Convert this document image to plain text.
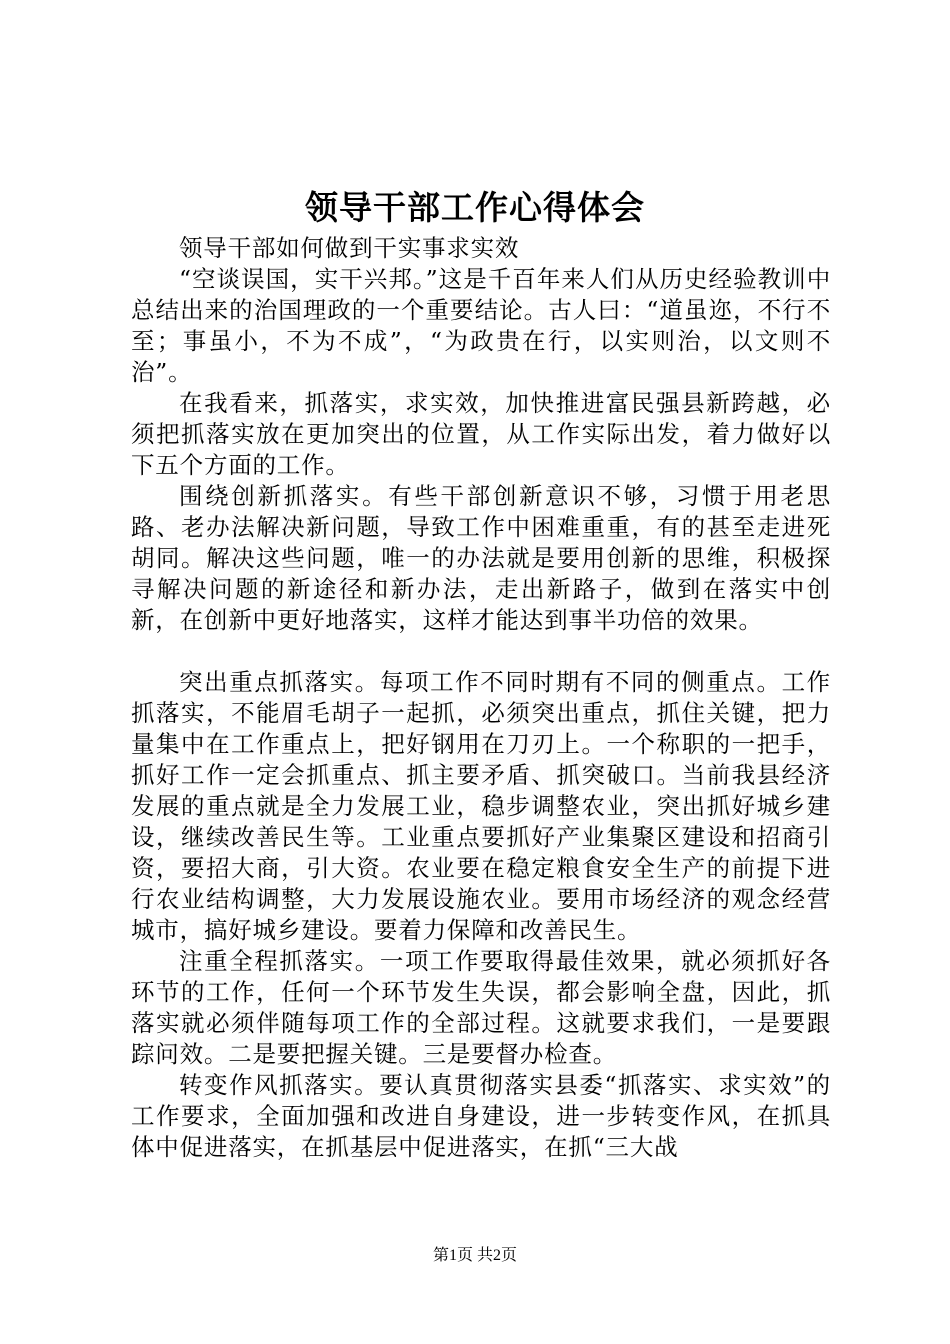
领导干部工作心得体会

领导干部如何做到干实事求实效

“空谈误国，实干兴邦。”这是千百年来人们从历史经验教训中总结出来的治国理政的一个重要结论。古人曰：“道虽迩，不行不至；事虽小，不为不成”，“为政贵在行，以实则治，以文则不治”。

在我看来，抓落实，求实效，加快推进富民强县新跨越，必须把抓落实放在更加突出的位置，从工作实际出发，着力做好以下五个方面的工作。

围绕创新抓落实。有些干部创新意识不够，习惯于用老思路、老办法解决新问题，导致工作中困难重重，有的甚至走进死胡同。解决这些问题，唯一的办法就是要用创新的思维，积极探寻解决问题的新途径和新办法，走出新路子，做到在落实中创新，在创新中更好地落实，这样才能达到事半功倍的效果。

突出重点抓落实。每项工作不同时期有不同的侧重点。工作抓落实，不能眉毛胡子一起抓，必须突出重点，抓住关键，把力量集中在工作重点上，把好钢用在刀刃上。一个称职的一把手，抓好工作一定会抓重点、抓主要矛盾、抓突破口。当前我县经济发展的重点就是全力发展工业，稳步调整农业，突出抓好城乡建设，继续改善民生等。工业重点要抓好产业集聚区建设和招商引资，要招大商，引大资。农业要在稳定粮食安全生产的前提下进行农业结构调整，大力发展设施农业。要用市场经济的观念经营城市，搞好城乡建设。要着力保障和改善民生。

注重全程抓落实。一项工作要取得最佳效果，就必须抓好各环节的工作，任何一个环节发生失误，都会影响全盘，因此，抓落实就必须伴随每项工作的全部过程。这就要求我们，一是要跟踪问效。二是要把握关键。三是要督办检查。

转变作风抓落实。要认真贯彻落实县委“抓落实、求实效”的工作要求，全面加强和改进自身建设，进一步转变作风，在抓具体中促进落实，在抓基层中促进落实，在抓“三大战

第1页 共2页
